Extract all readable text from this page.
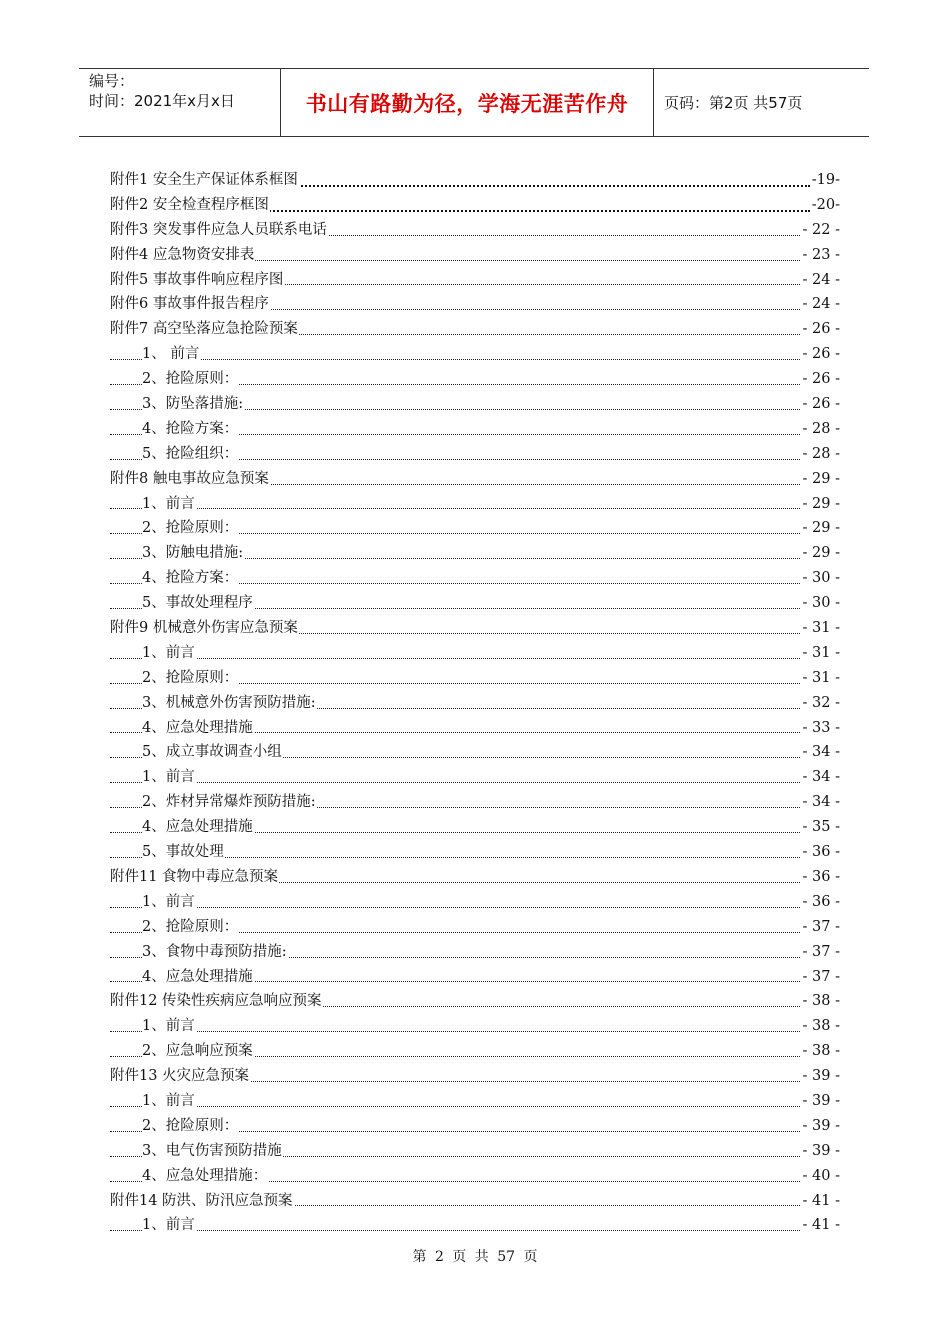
编号：
时间：2021年x月x日	书山有路勤为径，学海无涯苦作舟	页码：第2页 共57页
附件1 安全生产保证体系框图	-19-
附件2 安全检查程序框图	-20-
附件3 突发事件应急人员联系电话	- 22 -
附件4 应急物资安排表	- 23 -
附件5 事故事件响应程序图	- 24 -
附件6 事故事件报告程序	- 24 -
附件7 高空坠落应急抢险预案	- 26 -
1、 前言	- 26 -
2、抢险原则：	- 26 -
3、防坠落措施:	- 26 -
4、抢险方案：	- 28 -
5、抢险组织：	- 28 -
附件8 触电事故应急预案	- 29 -
1、前言	- 29 -
2、抢险原则：	- 29 -
3、防触电措施:	- 29 -
4、抢险方案：	- 30 -
5、事故处理程序	- 30 -
附件9 机械意外伤害应急预案	- 31 -
1、前言	- 31 -
2、抢险原则：	- 31 -
3、机械意外伤害预防措施:	- 32 -
4、应急处理措施	- 33 -
5、成立事故调查小组	- 34 -
1、前言	- 34 -
2、炸材异常爆炸预防措施:	- 34 -
4、应急处理措施	- 35 -
5、事故处理	- 36 -
附件11 食物中毒应急预案	- 36 -
1、前言	- 36 -
2、抢险原则：	- 37 -
3、食物中毒预防措施:	- 37 -
4、应急处理措施	- 37 -
附件12 传染性疾病应急响应预案	- 38 -
1、前言	- 38 -
2、应急响应预案	- 38 -
附件13 火灾应急预案	- 39 -
1、前言	- 39 -
2、抢险原则：	- 39 -
3、电气伤害预防措施	- 39 -
4、应急处理措施：	- 40 -
附件14 防洪、防汛应急预案	- 41 -
1、前言	- 41 -
第 2 页 共 57 页
